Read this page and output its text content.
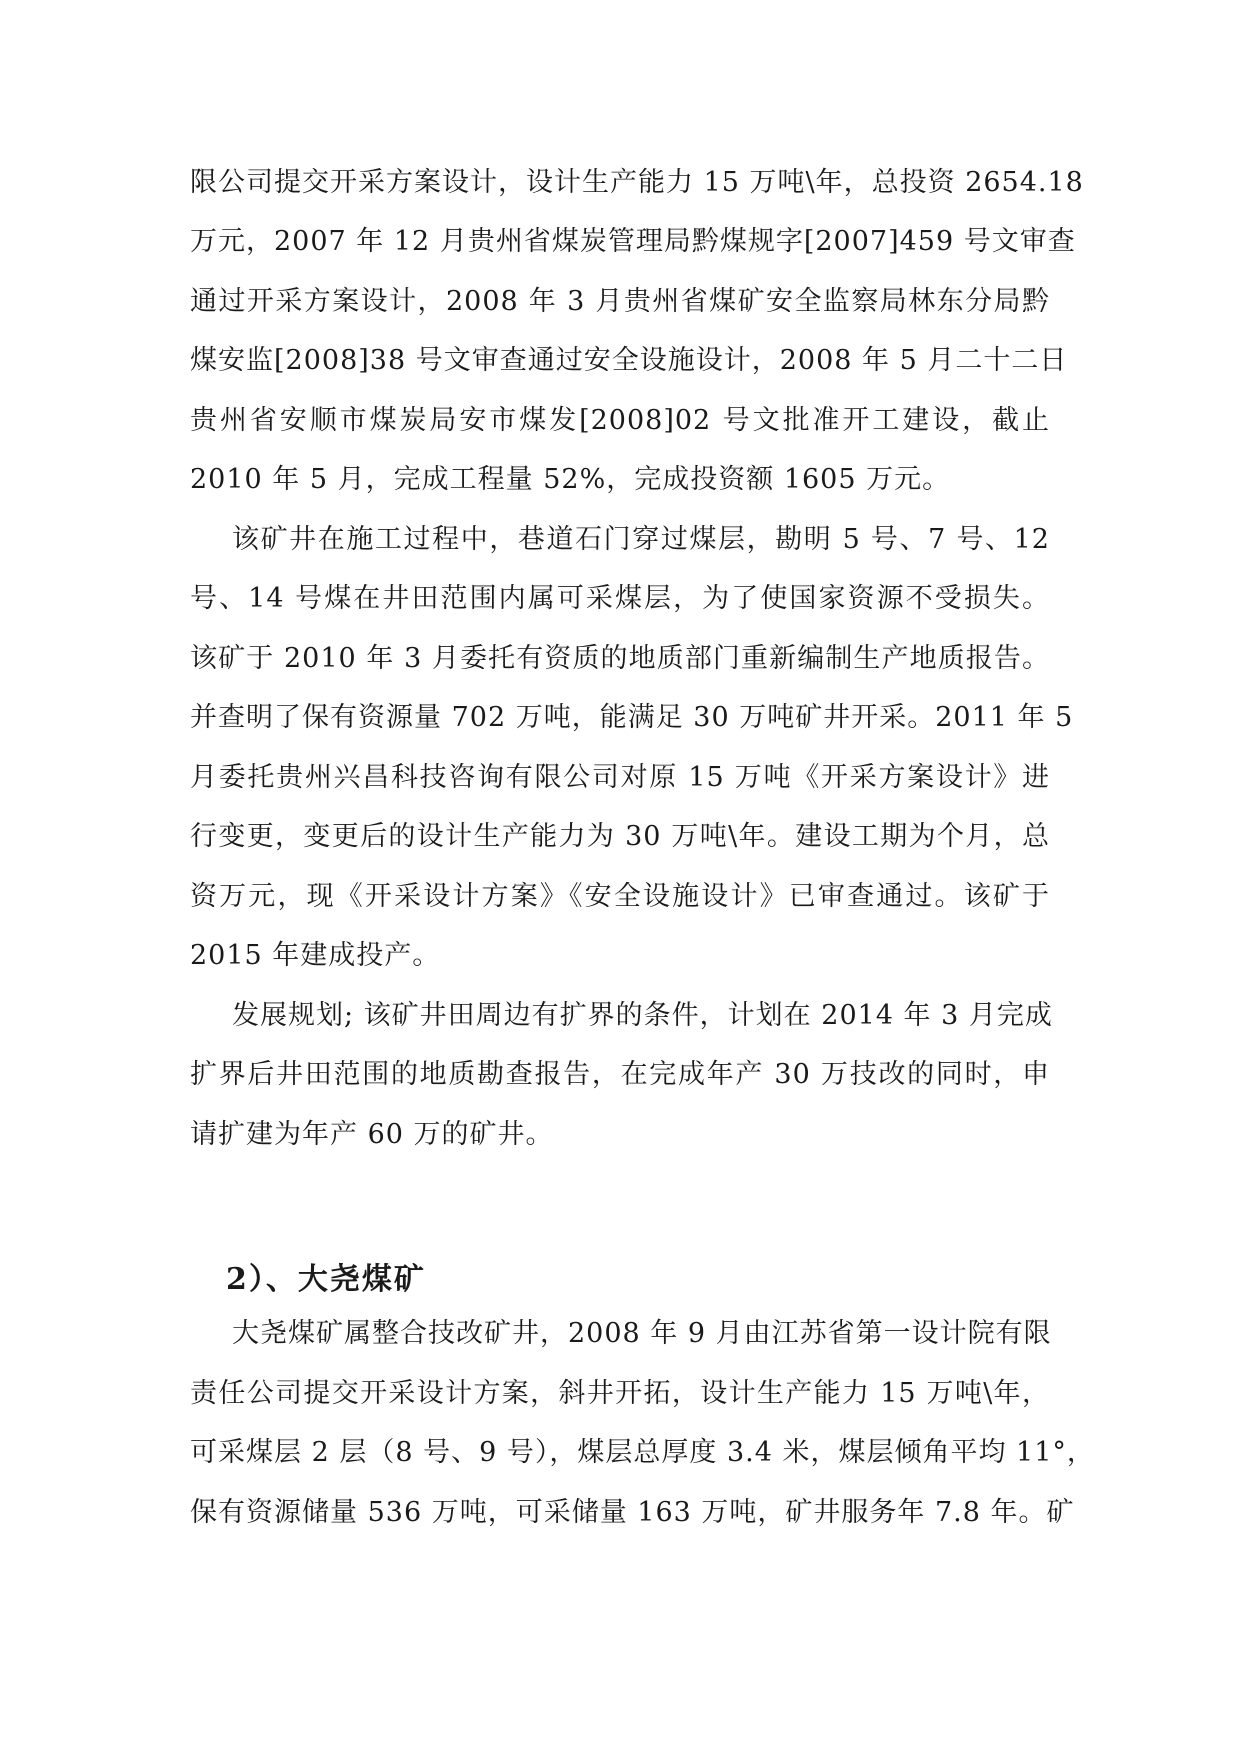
限公司提交开采方案设计，设计生产能力 15 万吨\年，总投资 2654.18
万元，2007 年 12 月贵州省煤炭管理局黔煤规字[2007]459 号文审查
通过开采方案设计，2008 年 3 月贵州省煤矿安全监察局林东分局黔
煤安监[2008]38 号文审查通过安全设施设计，2008 年 5 月二十二日
贵州省安顺市煤炭局安市煤发[2008]02 号文批准开工建设，截止
2010 年 5 月，完成工程量 52%，完成投资额 1605 万元。
该矿井在施工过程中，巷道石门穿过煤层，勘明 5 号、7 号、12
号、14 号煤在井田范围内属可采煤层，为了使国家资源不受损失。
该矿于 2010 年 3 月委托有资质的地质部门重新编制生产地质报告。
并查明了保有资源量 702 万吨，能满足 30 万吨矿井开采。2011 年 5
月委托贵州兴昌科技咨询有限公司对原 15 万吨《开采方案设计》进
行变更，变更后的设计生产能力为 30 万吨\年。建设工期为个月，总
资万元，现《开采设计方案》《安全设施设计》已审查通过。该矿于
2015 年建成投产。
发展规划; 该矿井田周边有扩界的条件，计划在 2014 年 3 月完成
扩界后井田范围的地质勘查报告，在完成年产 30 万技改的同时，申
请扩建为年产 60 万的矿井。
2）、大尧煤矿
大尧煤矿属整合技改矿井，2008 年 9 月由江苏省第一设计院有限
责任公司提交开采设计方案，斜井开拓，设计生产能力 15 万吨\年，
可采煤层 2 层（8 号、9 号），煤层总厚度 3.4 米，煤层倾角平均 11°，
保有资源储量 536 万吨，可采储量 163 万吨，矿井服务年 7.8 年。矿
